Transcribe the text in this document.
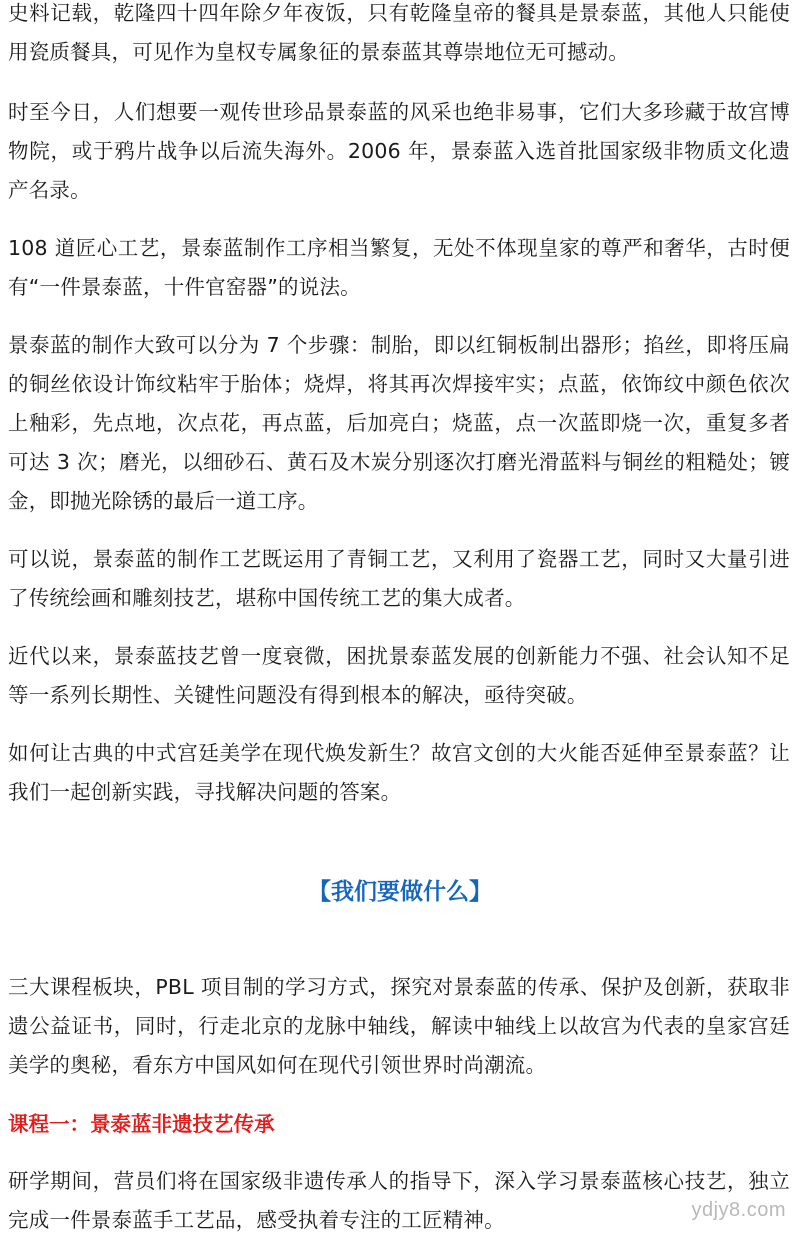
史料记载，乾隆四十四年除夕年夜饭，只有乾隆皇帝的餐具是景泰蓝，其他人只能使用瓷质餐具，可见作为皇权专属象征的景泰蓝其尊崇地位无可撼动。

时至今日，人们想要一观传世珍品景泰蓝的风采也绝非易事，它们大多珍藏于故宫博物院，或于鸦片战争以后流失海外。2006 年，景泰蓝入选首批国家级非物质文化遗产名录。

108 道匠心工艺，景泰蓝制作工序相当繁复，无处不体现皇家的尊严和奢华，古时便有“一件景泰蓝，十件官窑器”的说法。

景泰蓝的制作大致可以分为 7 个步骤：制胎，即以红铜板制出器形；掐丝，即将压扁的铜丝依设计饰纹粘牢于胎体；烧焊，将其再次焊接牢实；点蓝，依饰纹中颜色依次上釉彩，先点地，次点花，再点蓝，后加亮白；烧蓝，点一次蓝即烧一次，重复多者可达 3 次；磨光，以细砂石、黄石及木炭分别逐次打磨光滑蓝料与铜丝的粗糙处；镀金，即抛光除锈的最后一道工序。

可以说，景泰蓝的制作工艺既运用了青铜工艺，又利用了瓷器工艺，同时又大量引进了传统绘画和雕刻技艺，堪称中国传统工艺的集大成者。

近代以来，景泰蓝技艺曾一度衰微，困扰景泰蓝发展的创新能力不强、社会认知不足等一系列长期性、关键性问题没有得到根本的解决，亟待突破。

如何让古典的中式宫廷美学在现代焕发新生？故宫文创的大火能否延伸至景泰蓝？让我们一起创新实践，寻找解决问题的答案。

【我们要做什么】

三大课程板块，PBL 项目制的学习方式，探究对景泰蓝的传承、保护及创新，获取非遗公益证书，同时，行走北京的龙脉中轴线，解读中轴线上以故宫为代表的皇家宫廷美学的奥秘，看东方中国风如何在现代引领世界时尚潮流。

课程一：景泰蓝非遗技艺传承

研学期间，营员们将在国家级非遗传承人的指导下，深入学习景泰蓝核心技艺，独立完成一件景泰蓝手工艺品，感受执着专注的工匠精神。	ydjy8.com
